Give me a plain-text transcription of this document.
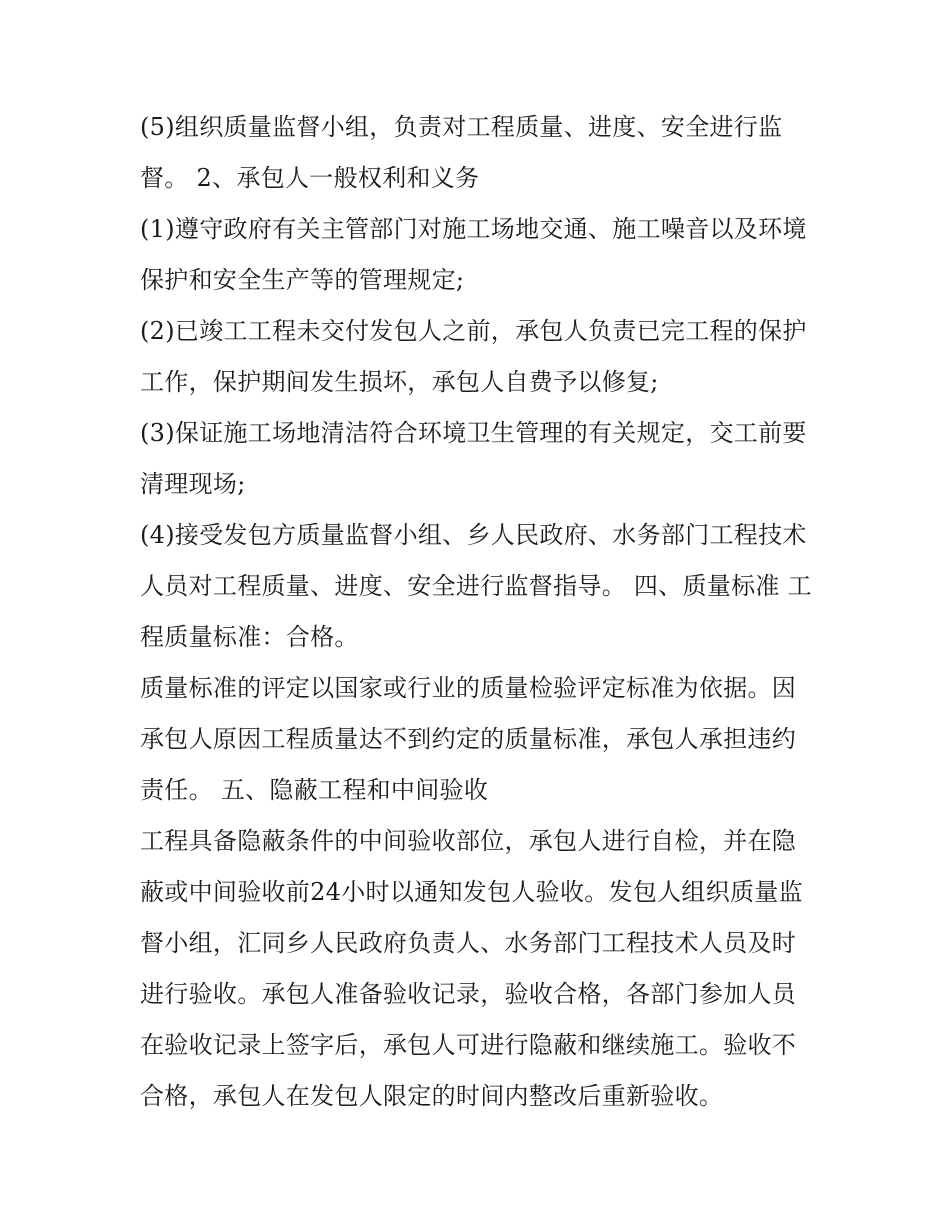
(5)组织质量监督小组，负责对工程质量、进度、安全进行监督。 2、承包人一般权利和义务

(1)遵守政府有关主管部门对施工场地交通、施工噪音以及环境保护和安全生产等的管理规定;

(2)已竣工工程未交付发包人之前，承包人负责已完工程的保护工作，保护期间发生损坏，承包人自费予以修复;

(3)保证施工场地清洁符合环境卫生管理的有关规定，交工前要清理现场;

(4)接受发包方质量监督小组、乡人民政府、水务部门工程技术人员对工程质量、进度、安全进行监督指导。 四、质量标准 工程质量标准：合格。

质量标准的评定以国家或行业的质量检验评定标准为依据。因承包人原因工程质量达不到约定的质量标准，承包人承担违约责任。 五、隐蔽工程和中间验收

工程具备隐蔽条件的中间验收部位，承包人进行自检，并在隐蔽或中间验收前24小时以通知发包人验收。发包人组织质量监督小组，汇同乡人民政府负责人、水务部门工程技术人员及时进行验收。承包人准备验收记录，验收合格，各部门参加人员在验收记录上签字后，承包人可进行隐蔽和继续施工。验收不合格，承包人在发包人限定的时间内整改后重新验收。
